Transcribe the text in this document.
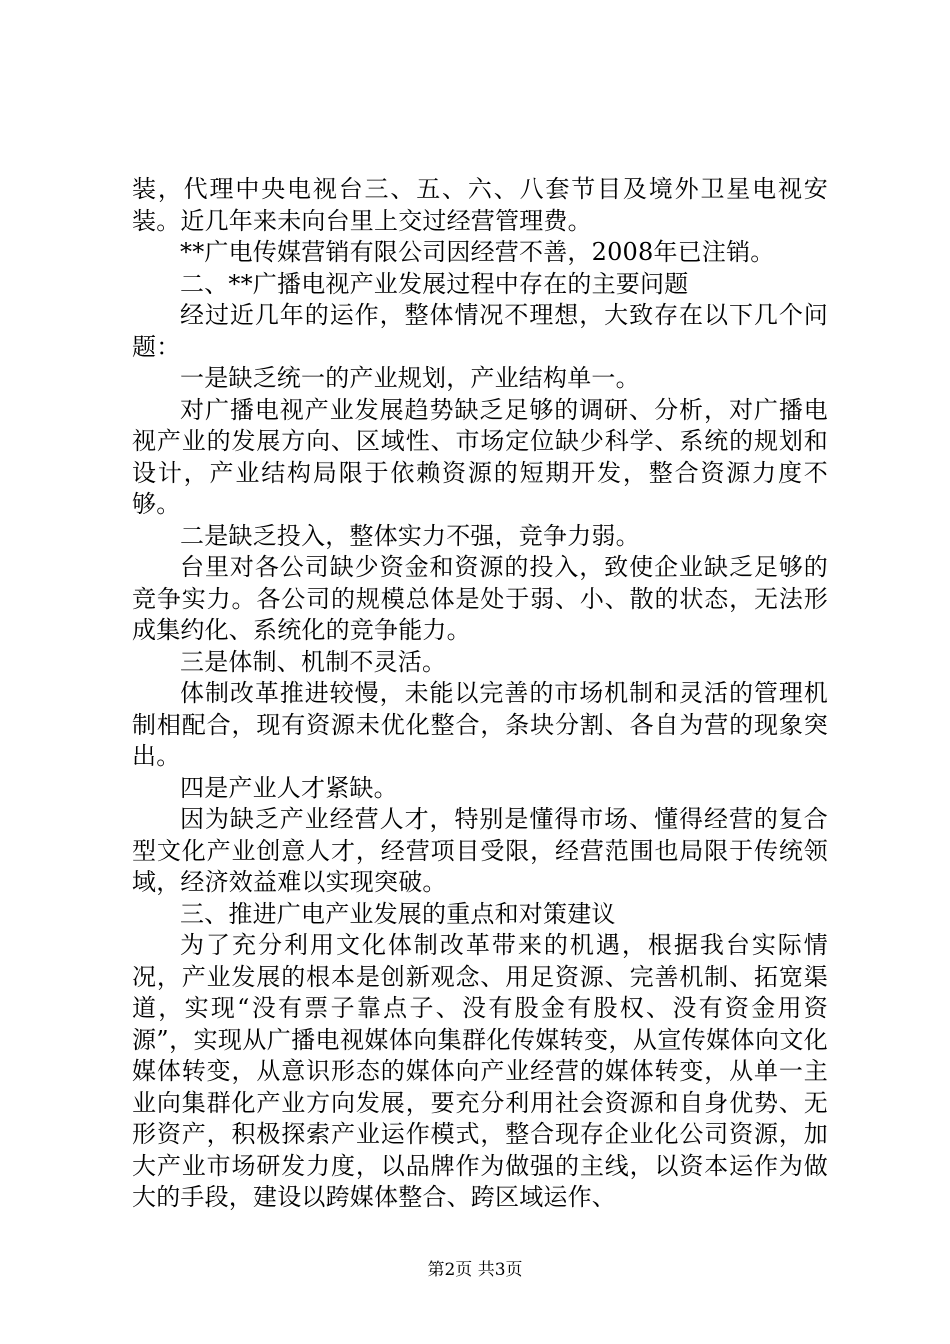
装，代理中央电视台三、五、六、八套节目及境外卫星电视安装。近几年来未向台里上交过经营管理费。

**广电传媒营销有限公司因经营不善，2008年已注销。

二、**广播电视产业发展过程中存在的主要问题

经过近几年的运作，整体情况不理想，大致存在以下几个问题：

一是缺乏统一的产业规划，产业结构单一。

对广播电视产业发展趋势缺乏足够的调研、分析，对广播电视产业的发展方向、区域性、市场定位缺少科学、系统的规划和设计，产业结构局限于依赖资源的短期开发，整合资源力度不够。

二是缺乏投入，整体实力不强，竞争力弱。

台里对各公司缺少资金和资源的投入，致使企业缺乏足够的竞争实力。各公司的规模总体是处于弱、小、散的状态，无法形成集约化、系统化的竞争能力。

三是体制、机制不灵活。

体制改革推进较慢，未能以完善的市场机制和灵活的管理机制相配合，现有资源未优化整合，条块分割、各自为营的现象突出。

四是产业人才紧缺。

因为缺乏产业经营人才，特别是懂得市场、懂得经营的复合型文化产业创意人才，经营项目受限，经营范围也局限于传统领域，经济效益难以实现突破。

三、推进广电产业发展的重点和对策建议

为了充分利用文化体制改革带来的机遇，根据我台实际情况，产业发展的根本是创新观念、用足资源、完善机制、拓宽渠道，实现“没有票子靠点子、没有股金有股权、没有资金用资源”，实现从广播电视媒体向集群化传媒转变，从宣传媒体向文化媒体转变，从意识形态的媒体向产业经营的媒体转变，从单一主业向集群化产业方向发展，要充分利用社会资源和自身优势、无形资产，积极探索产业运作模式，整合现存企业化公司资源，加大产业市场研发力度，以品牌作为做强的主线，以资本运作为做大的手段，建设以跨媒体整合、跨区域运作、

第2页 共3页
